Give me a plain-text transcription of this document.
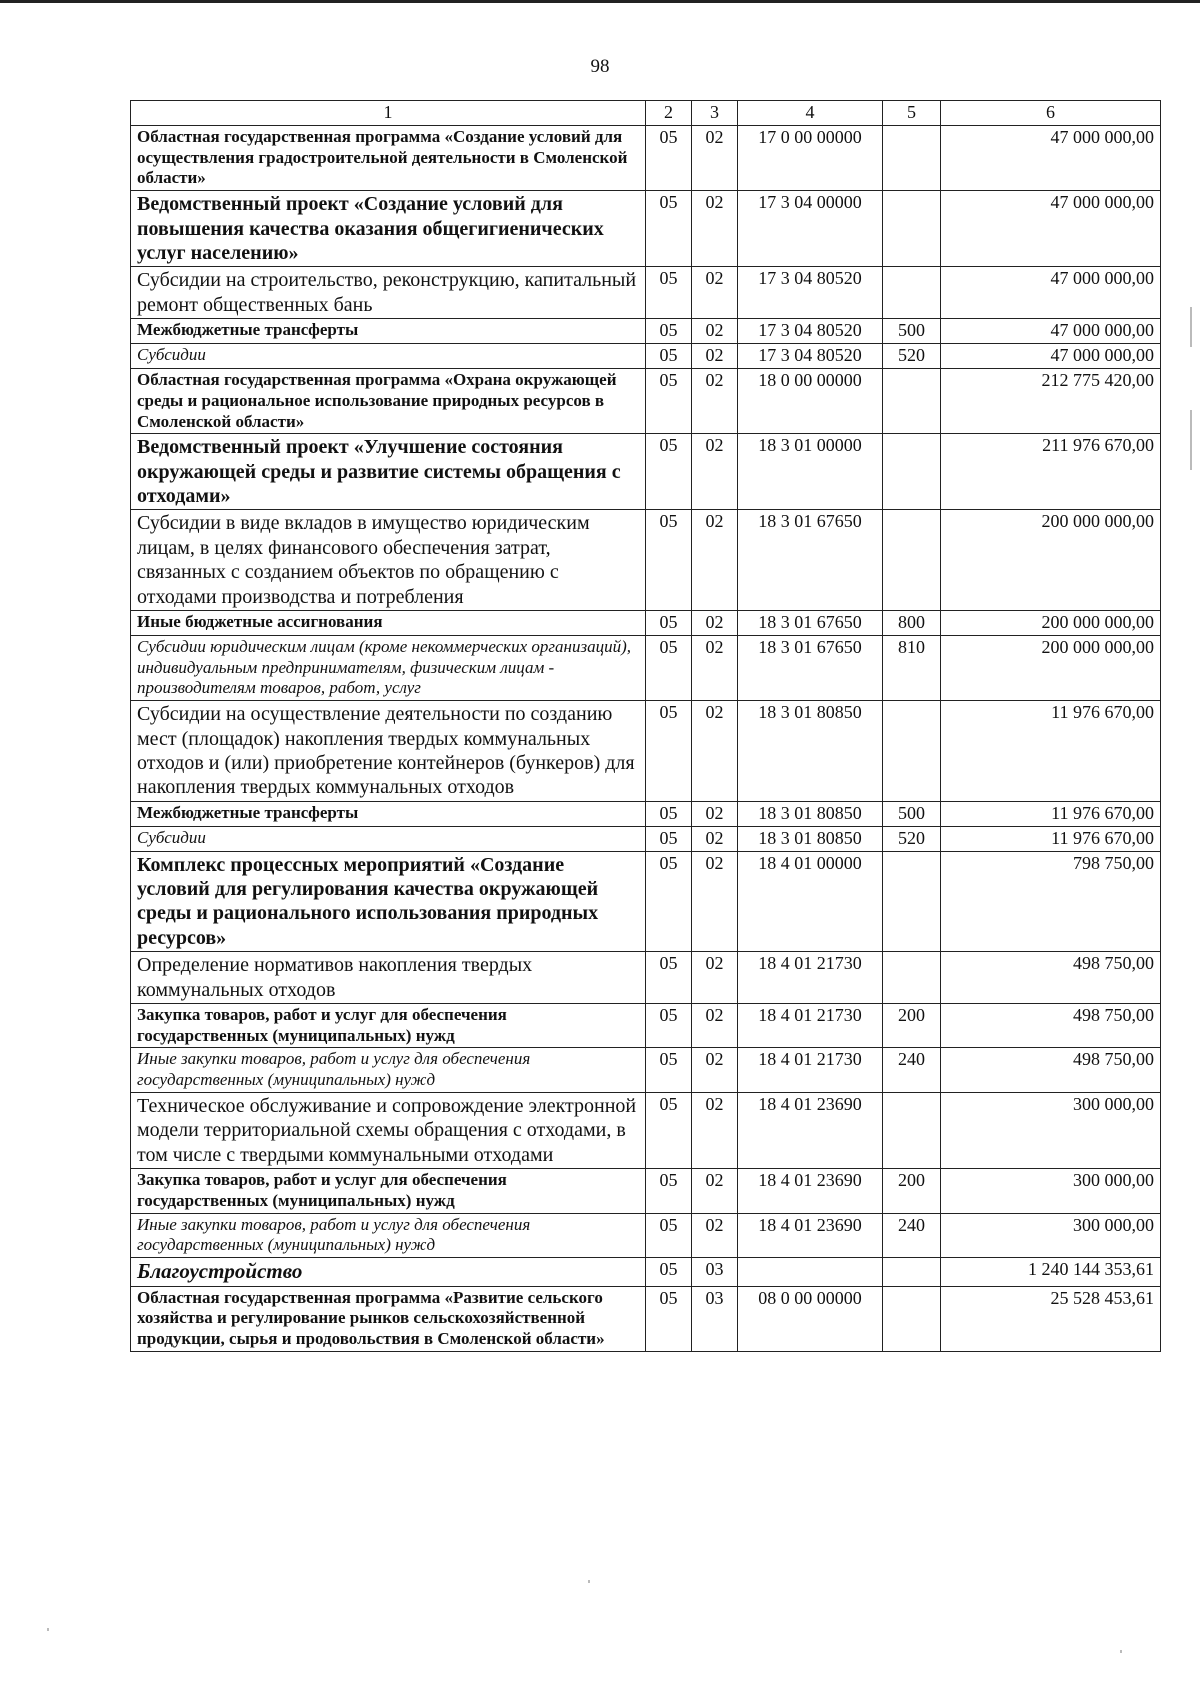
98
1	2	3	4	5	6
Областная государственная программа «Создание условий для осуществления градостроительной деятельности в Смоленской области»	05	02	17 0 00 00000		47 000 000,00
Ведомственный проект «Создание условий для повышения качества оказания общегигиенических услуг населению»	05	02	17 3 04 00000		47 000 000,00
Субсидии на строительство, реконструкцию, капитальный ремонт общественных бань	05	02	17 3 04 80520		47 000 000,00
Межбюджетные трансферты	05	02	17 3 04 80520	500	47 000 000,00
Субсидии	05	02	17 3 04 80520	520	47 000 000,00
Областная государственная программа «Охрана окружающей среды и рациональное использование природных ресурсов в Смоленской области»	05	02	18 0 00 00000		212 775 420,00
Ведомственный проект «Улучшение состояния окружающей среды и развитие системы обращения с отходами»	05	02	18 3 01 00000		211 976 670,00
Субсидии в виде вкладов в имущество юридическим лицам, в целях финансового обеспечения затрат, связанных с созданием объектов по обращению с отходами производства и потребления	05	02	18 3 01 67650		200 000 000,00
Иные бюджетные ассигнования	05	02	18 3 01 67650	800	200 000 000,00
Субсидии юридическим лицам (кроме некоммерческих организаций), индивидуальным предпринимателям, физическим лицам - производителям товаров, работ, услуг	05	02	18 3 01 67650	810	200 000 000,00
Субсидии на осуществление деятельности по созданию мест (площадок) накопления твердых коммунальных отходов и (или) приобретение контейнеров (бункеров) для накопления твердых коммунальных отходов	05	02	18 3 01 80850		11 976 670,00
Межбюджетные трансферты	05	02	18 3 01 80850	500	11 976 670,00
Субсидии	05	02	18 3 01 80850	520	11 976 670,00
Комплекс процессных мероприятий «Создание условий для регулирования качества окружающей среды и рационального использования природных ресурсов»	05	02	18 4 01 00000		798 750,00
Определение нормативов накопления твердых коммунальных отходов	05	02	18 4 01 21730		498 750,00
Закупка товаров, работ и услуг для обеспечения государственных (муниципальных) нужд	05	02	18 4 01 21730	200	498 750,00
Иные закупки товаров, работ и услуг для обеспечения государственных (муниципальных) нужд	05	02	18 4 01 21730	240	498 750,00
Техническое обслуживание и сопровождение электронной модели территориальной схемы обращения с отходами, в том числе с твердыми коммунальными отходами	05	02	18 4 01 23690		300 000,00
Закупка товаров, работ и услуг для обеспечения государственных (муниципальных) нужд	05	02	18 4 01 23690	200	300 000,00
Иные закупки товаров, работ и услуг для обеспечения государственных (муниципальных) нужд	05	02	18 4 01 23690	240	300 000,00
Благоустройство	05	03			1 240 144 353,61
Областная государственная программа «Развитие сельского хозяйства и регулирование рынков сельскохозяйственной продукции, сырья и продовольствия в Смоленской области»	05	03	08 0 00 00000		25 528 453,61
